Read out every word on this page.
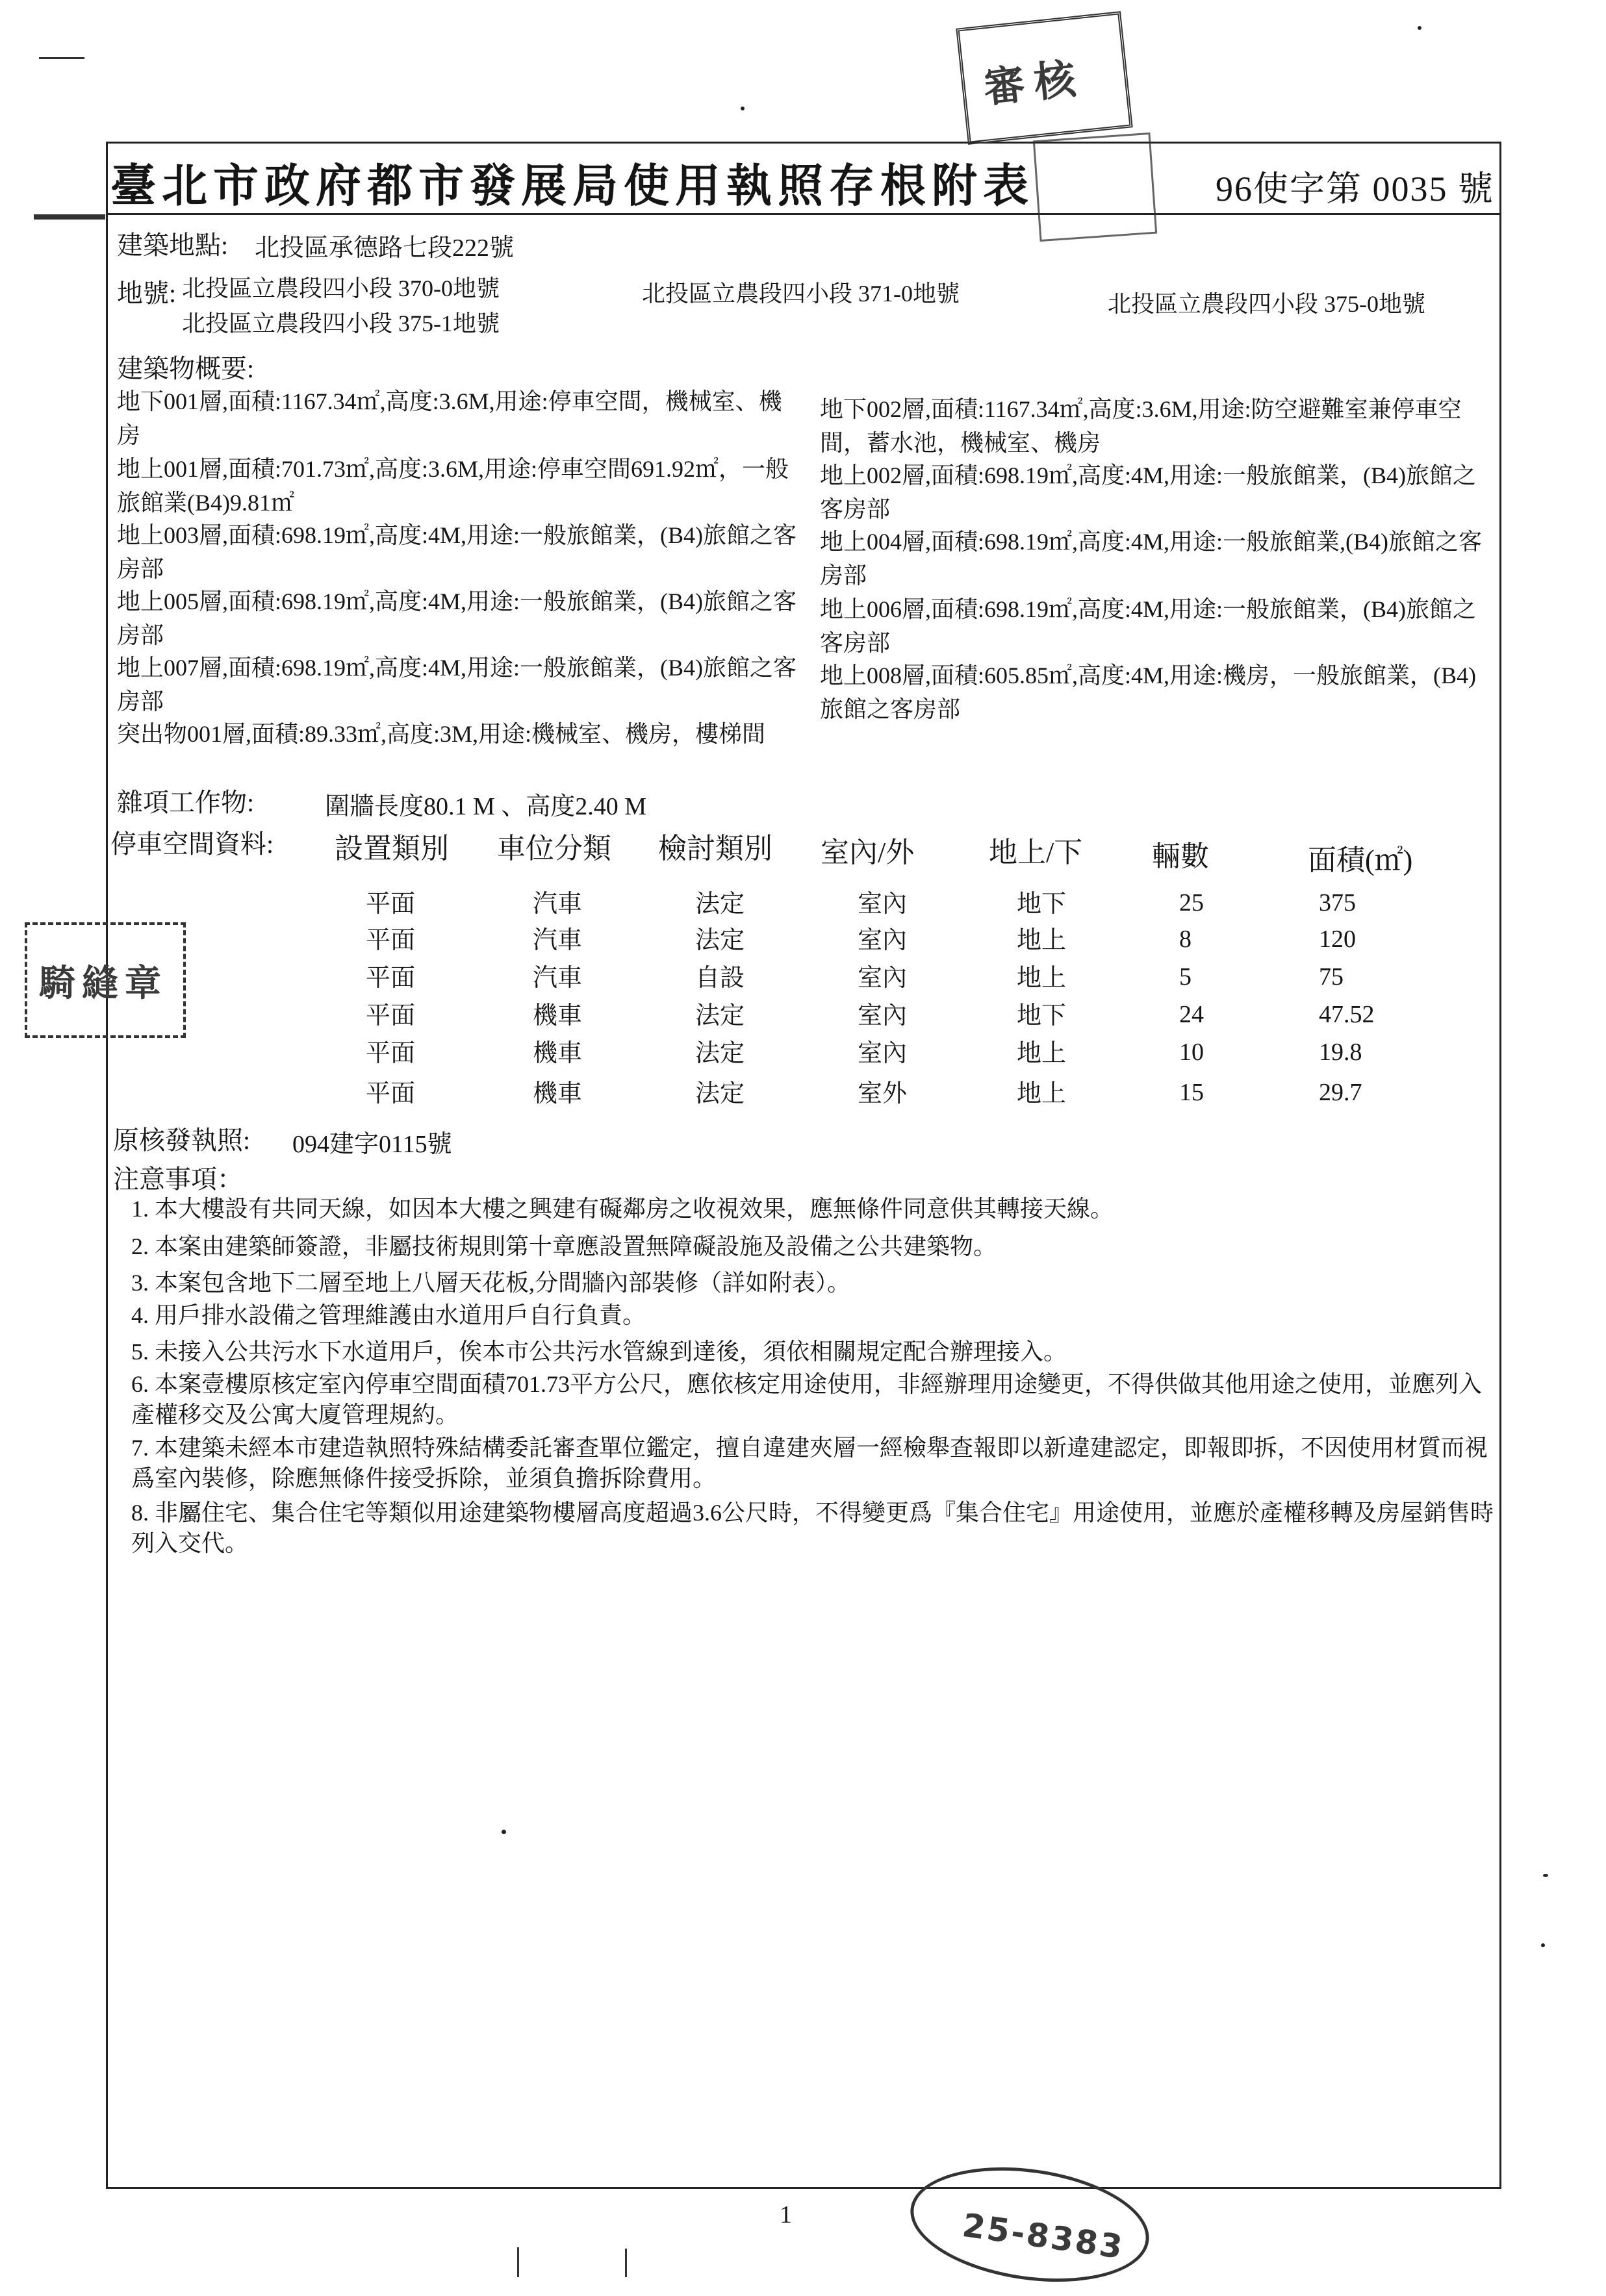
臺北市政府都市發展局使用執照存根附表	96使字第 0035 號
審核
建築地點: 北投區承德路七段222號
地號: 北投區立農段四小段 370-0地號	北投區立農段四小段 371-0地號	北投區立農段四小段 375-0地號
北投區立農段四小段 375-1地號
建築物概要:
地下001層,面積:1167.34㎡,高度:3.6M,用途:停車空間，機械室、機房
地上001層,面積:701.73㎡,高度:3.6M,用途:停車空間691.92㎡，一般旅館業(B4)9.81㎡
地上003層,面積:698.19㎡,高度:4M,用途:一般旅館業，(B4)旅館之客房部
地上005層,面積:698.19㎡,高度:4M,用途:一般旅館業，(B4)旅館之客房部
地上007層,面積:698.19㎡,高度:4M,用途:一般旅館業，(B4)旅館之客房部
突出物001層,面積:89.33㎡,高度:3M,用途:機械室、機房，樓梯間
地下002層,面積:1167.34㎡,高度:3.6M,用途:防空避難室兼停車空間，蓄水池，機械室、機房
地上002層,面積:698.19㎡,高度:4M,用途:一般旅館業，(B4)旅館之客房部
地上004層,面積:698.19㎡,高度:4M,用途:一般旅館業,(B4)旅館之客房部
地上006層,面積:698.19㎡,高度:4M,用途:一般旅館業，(B4)旅館之客房部
地上008層,面積:605.85㎡,高度:4M,用途:機房，一般旅館業，(B4)旅館之客房部
雜項工作物:	圍牆長度80.1 M 、高度2.40 M
停車空間資料: 設置類別 車位分類 檢討類別 室內/外	地上/下 輛數	面積(㎡)
平面	汽車	法定	室內	地下	25	375
平面	汽車	法定	室內	地上	8	120
平面	汽車	自設	室內	地上	5	75
平面	機車	法定	室內	地下	24	47.52
平面	機車	法定	室內	地上	10	19.8
平面	機車	法定	室外	地上	15	29.7
騎縫章
原核發執照: 094建字0115號
注意事項：
1. 本大樓設有共同天線，如因本大樓之興建有礙鄰房之收視效果，應無條件同意供其轉接天線。
2. 本案由建築師簽證，非屬技術規則第十章應設置無障礙設施及設備之公共建築物。
3. 本案包含地下二層至地上八層天花板,分間牆內部裝修（詳如附表）。
4. 用戶排水設備之管理維護由水道用戶自行負責。
5. 未接入公共污水下水道用戶，俟本市公共污水管線到達後，須依相關規定配合辦理接入。
6. 本案壹樓原核定室內停車空間面積701.73平方公尺，應依核定用途使用，非經辦理用途變更，不得供做其他用途之使用，並應列入產權移交及公寓大廈管理規約。
7. 本建築未經本市建造執照特殊結構委託審查單位鑑定，擅自違建夾層一經檢舉查報即以新違建認定，即報即拆，不因使用材質而視爲室內裝修，除應無條件接受拆除，並須負擔拆除費用。
8. 非屬住宅、集合住宅等類似用途建築物樓層高度超過3.6公尺時，不得變更爲『集合住宅』用途使用，並應於產權移轉及房屋銷售時列入交代。
25-8383
1
